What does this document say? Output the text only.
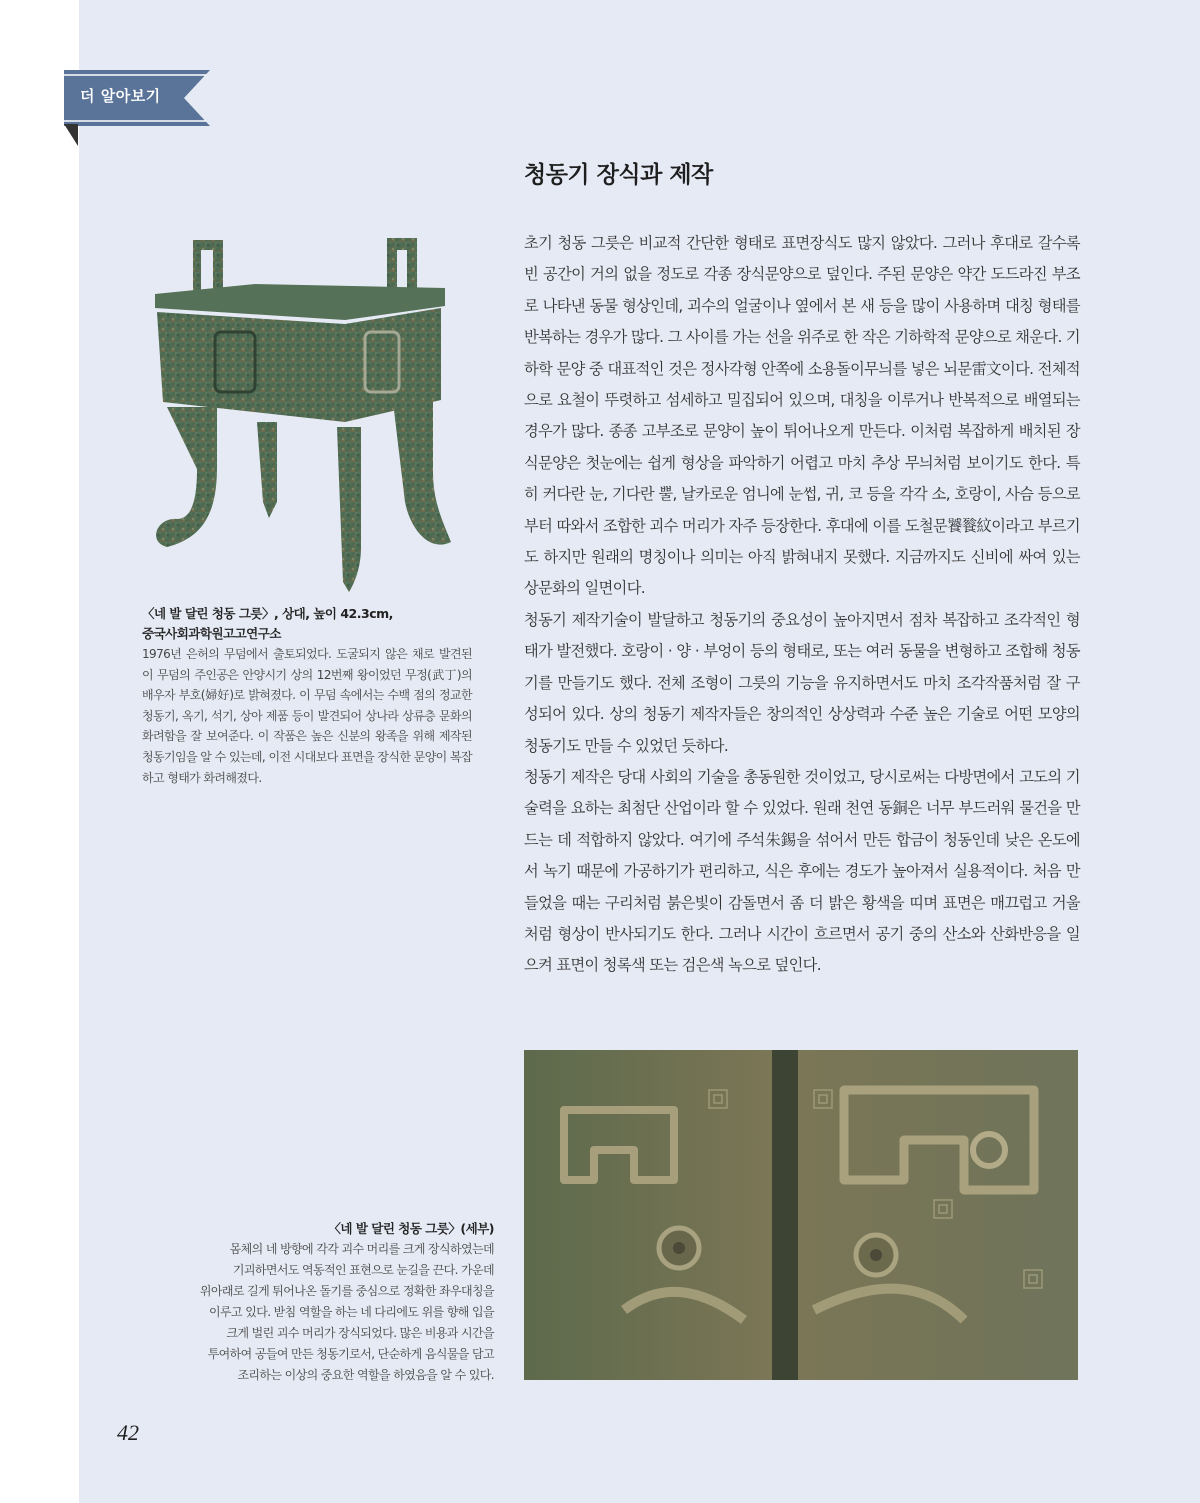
더 알아보기
청동기 장식과 제작

초기 청동 그릇은 비교적 간단한 형태로 표면장식도 많지 않았다. 그러나 후대로 갈수록 빈 공간이 거의 없을 정도로 각종 장식문양으로 덮인다. 주된 문양은 약간 도드라진 부조로 나타낸 동물 형상인데, 괴수의 얼굴이나 옆에서 본 새 등을 많이 사용하며 대칭 형태를 반복하는 경우가 많다. 그 사이를 가는 선을 위주로 한 작은 기하학적 문양으로 채운다. 기하학 문양 중 대표적인 것은 정사각형 안쪽에 소용돌이무늬를 넣은 뇌문雷文이다. 전체적으로 요철이 뚜렷하고 섬세하고 밀집되어 있으며, 대칭을 이루거나 반복적으로 배열되는 경우가 많다. 종종 고부조로 문양이 높이 튀어나오게 만든다. 이처럼 복잡하게 배치된 장식문양은 첫눈에는 쉽게 형상을 파악하기 어렵고 마치 추상 무늬처럼 보이기도 한다. 특히 커다란 눈, 기다란 뿔, 날카로운 엄니에 눈썹, 귀, 코 등을 각각 소, 호랑이, 사슴 등으로부터 따와서 조합한 괴수 머리가 자주 등장한다. 후대에 이를 도철문饕餮紋이라고 부르기도 하지만 원래의 명칭이나 의미는 아직 밝혀내지 못했다. 지금까지도 신비에 싸여 있는 상문화의 일면이다.

청동기 제작기술이 발달하고 청동기의 중요성이 높아지면서 점차 복잡하고 조각적인 형태가 발전했다. 호랑이 · 양 · 부엉이 등의 형태로, 또는 여러 동물을 변형하고 조합해 청동기를 만들기도 했다. 전체 조형이 그릇의 기능을 유지하면서도 마치 조각작품처럼 잘 구성되어 있다. 상의 청동기 제작자들은 창의적인 상상력과 수준 높은 기술로 어떤 모양의 청동기도 만들 수 있었던 듯하다.

청동기 제작은 당대 사회의 기술을 총동원한 것이었고, 당시로써는 다방면에서 고도의 기술력을 요하는 최첨단 산업이라 할 수 있었다. 원래 천연 동銅은 너무 부드러워 물건을 만드는 데 적합하지 않았다. 여기에 주석朱錫을 섞어서 만든 합금이 청동인데 낮은 온도에서 녹기 때문에 가공하기가 편리하고, 식은 후에는 경도가 높아져서 실용적이다. 처음 만들었을 때는 구리처럼 붉은빛이 감돌면서 좀 더 밝은 황색을 띠며 표면은 매끄럽고 거울처럼 형상이 반사되기도 한다. 그러나 시간이 흐르면서 공기 중의 산소와 산화반응을 일으켜 표면이 청록색 또는 검은색 녹으로 덮인다.

〈네 발 달린 청동 그릇〉, 상대, 높이 42.3cm,
중국사회과학원고고연구소
1976년 은허의 무덤에서 출토되었다. 도굴되지 않은 채로 발견된 이 무덤의 주인공은 안양시기 상의 12번째 왕이었던 무정(武丁)의 배우자 부호(婦好)로 밝혀졌다. 이 무덤 속에서는 수백 점의 정교한 청동기, 옥기, 석기, 상아 제품 등이 발견되어 상나라 상류층 문화의 화려함을 잘 보여준다. 이 작품은 높은 신분의 왕족을 위해 제작된 청동기임을 알 수 있는데, 이전 시대보다 표면을 장식한 문양이 복잡하고 형태가 화려해졌다.
〈네 발 달린 청동 그릇〉(세부)
몸체의 네 방향에 각각 괴수 머리를 크게 장식하였는데
기괴하면서도 역동적인 표현으로 눈길을 끈다. 가운데
위아래로 길게 튀어나온 돌기를 중심으로 정확한 좌우대칭을
이루고 있다. 받침 역할을 하는 네 다리에도 위를 향해 입을
크게 벌린 괴수 머리가 장식되었다. 많은 비용과 시간을
투여하여 공들여 만든 청동기로서, 단순하게 음식물을 담고
조리하는 이상의 중요한 역할을 하였음을 알 수 있다.
42
